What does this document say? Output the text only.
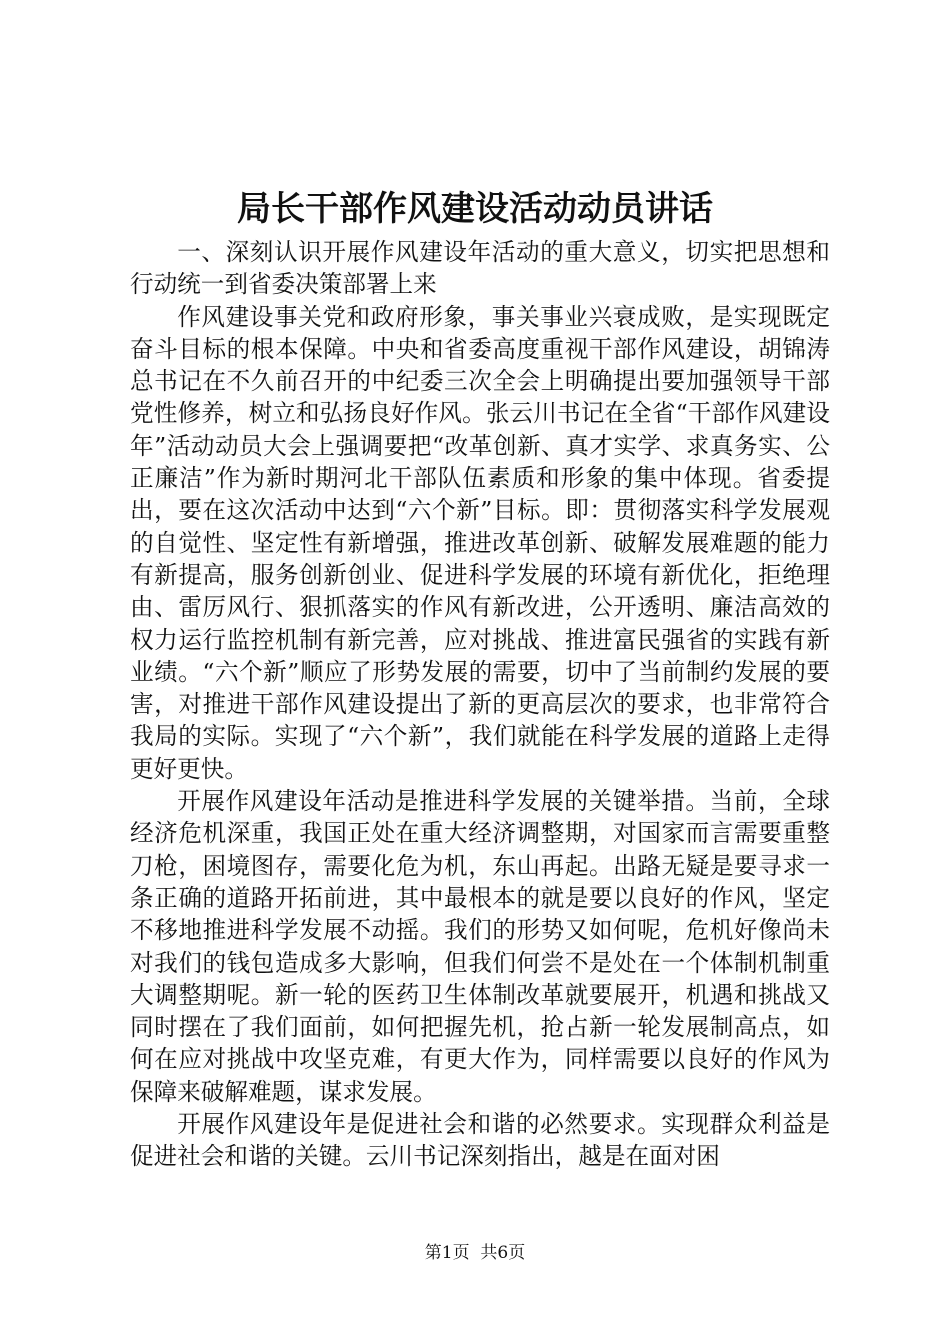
局长干部作风建设活动动员讲话

一、深刻认识开展作风建设年活动的重大意义，切实把思想和行动统一到省委决策部署上来

作风建设事关党和政府形象，事关事业兴衰成败，是实现既定奋斗目标的根本保障。中央和省委高度重视干部作风建设，胡锦涛总书记在不久前召开的中纪委三次全会上明确提出要加强领导干部党性修养，树立和弘扬良好作风。张云川书记在全省“干部作风建设年”活动动员大会上强调要把“改革创新、真才实学、求真务实、公正廉洁”作为新时期河北干部队伍素质和形象的集中体现。省委提出，要在这次活动中达到“六个新”目标。即：贯彻落实科学发展观的自觉性、坚定性有新增强，推进改革创新、破解发展难题的能力有新提高，服务创新创业、促进科学发展的环境有新优化，拒绝理由、雷厉风行、狠抓落实的作风有新改进，公开透明、廉洁高效的权力运行监控机制有新完善，应对挑战、推进富民强省的实践有新业绩。“六个新”顺应了形势发展的需要，切中了当前制约发展的要害，对推进干部作风建设提出了新的更高层次的要求，也非常符合我局的实际。实现了“六个新”，我们就能在科学发展的道路上走得更好更快。

开展作风建设年活动是推进科学发展的关键举措。当前，全球经济危机深重，我国正处在重大经济调整期，对国家而言需要重整刀枪，困境图存，需要化危为机，东山再起。出路无疑是要寻求一条正确的道路开拓前进，其中最根本的就是要以良好的作风，坚定不移地推进科学发展不动摇。我们的形势又如何呢，危机好像尚未对我们的钱包造成多大影响，但我们何尝不是处在一个体制机制重大调整期呢。新一轮的医药卫生体制改革就要展开，机遇和挑战又同时摆在了我们面前，如何把握先机，抢占新一轮发展制高点，如何在应对挑战中攻坚克难，有更大作为，同样需要以良好的作风为保障来破解难题，谋求发展。

开展作风建设年是促进社会和谐的必然要求。实现群众利益是促进社会和谐的关键。云川书记深刻指出，越是在面对困

第1页 共6页
